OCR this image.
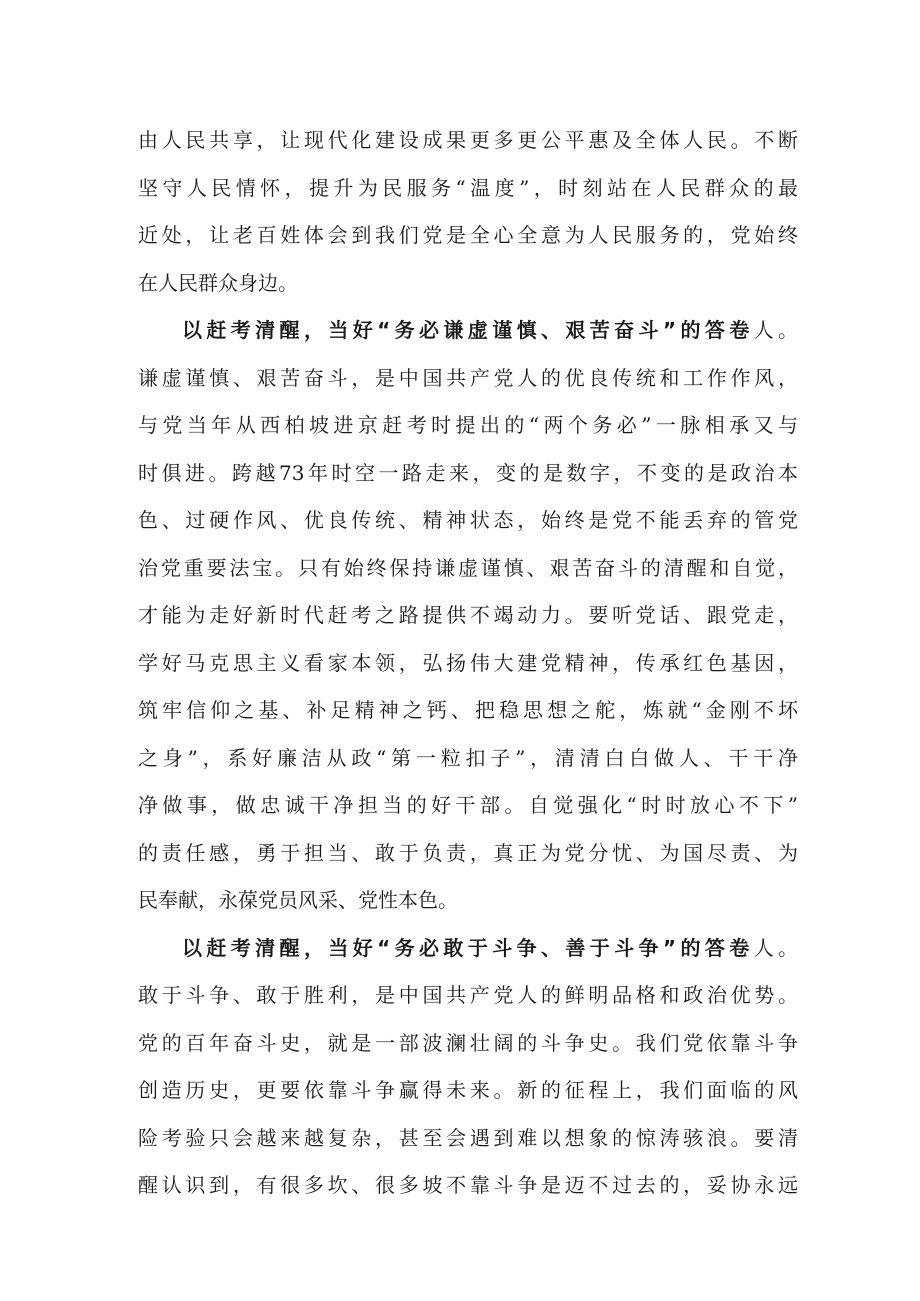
由人民共享，让现代化建设成果更多更公平惠及全体人民。不断
坚守人民情怀，提升为民服务“温度”，时刻站在人民群众的最
近处，让老百姓体会到我们党是全心全意为人民服务的，党始终
在人民群众身边。
以赶考清醒，当好“务必谦虚谨慎、艰苦奋斗”的答卷人。
谦虚谨慎、艰苦奋斗，是中国共产党人的优良传统和工作作风，
与党当年从西柏坡进京赶考时提出的“两个务必”一脉相承又与
时俱进。跨越73年时空一路走来，变的是数字，不变的是政治本
色、过硬作风、优良传统、精神状态，始终是党不能丢弃的管党
治党重要法宝。只有始终保持谦虚谨慎、艰苦奋斗的清醒和自觉，
才能为走好新时代赶考之路提供不竭动力。要听党话、跟党走，
学好马克思主义看家本领，弘扬伟大建党精神，传承红色基因，
筑牢信仰之基、补足精神之钙、把稳思想之舵，炼就“金刚不坏
之身”，系好廉洁从政“第一粒扣子”，清清白白做人、干干净
净做事，做忠诚干净担当的好干部。自觉强化“时时放心不下”
的责任感，勇于担当、敢于负责，真正为党分忧、为国尽责、为
民奉献，永葆党员风采、党性本色。
以赶考清醒，当好“务必敢于斗争、善于斗争”的答卷人。
敢于斗争、敢于胜利，是中国共产党人的鲜明品格和政治优势。
党的百年奋斗史，就是一部波澜壮阔的斗争史。我们党依靠斗争
创造历史，更要依靠斗争赢得未来。新的征程上，我们面临的风
险考验只会越来越复杂，甚至会遇到难以想象的惊涛骇浪。要清
醒认识到，有很多坎、很多坡不靠斗争是迈不过去的，妥协永远
